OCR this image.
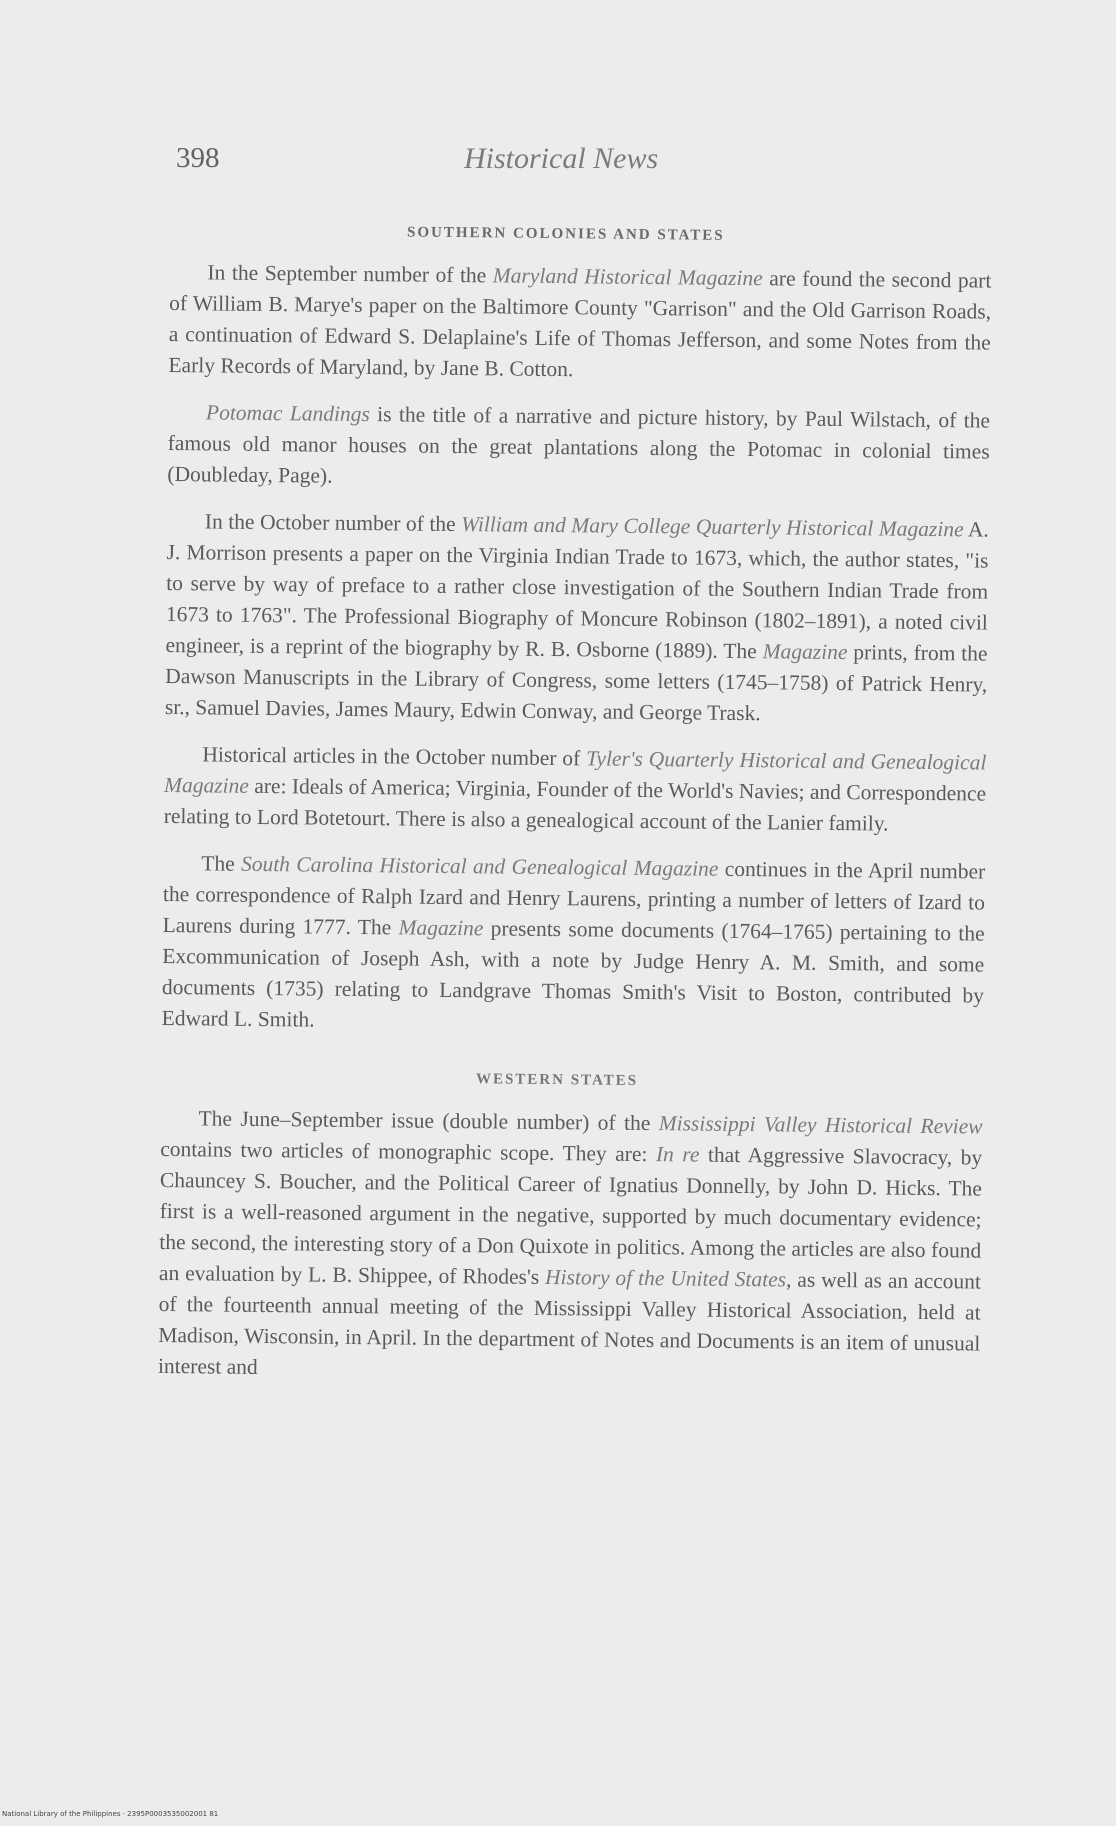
398	Historical News
SOUTHERN COLONIES AND STATES

In the September number of the Maryland Historical Magazine are found the second part of William B. Marye's paper on the Baltimore County "Garrison" and the Old Garrison Roads, a continuation of Edward S. Delaplaine's Life of Thomas Jefferson, and some Notes from the Early Records of Maryland, by Jane B. Cotton.

Potomac Landings is the title of a narrative and picture history, by Paul Wilstach, of the famous old manor houses on the great plantations along the Potomac in colonial times (Doubleday, Page).

In the October number of the William and Mary College Quarterly Historical Magazine A. J. Morrison presents a paper on the Virginia Indian Trade to 1673, which, the author states, "is to serve by way of preface to a rather close investigation of the Southern Indian Trade from 1673 to 1763". The Professional Biography of Moncure Robinson (1802–1891), a noted civil engineer, is a reprint of the biography by R. B. Osborne (1889). The Magazine prints, from the Dawson Manuscripts in the Library of Congress, some letters (1745–1758) of Patrick Henry, sr., Samuel Davies, James Maury, Edwin Conway, and George Trask.

Historical articles in the October number of Tyler's Quarterly Historical and Genealogical Magazine are: Ideals of America; Virginia, Founder of the World's Navies; and Correspondence relating to Lord Botetourt. There is also a genealogical account of the Lanier family.

The South Carolina Historical and Genealogical Magazine continues in the April number the correspondence of Ralph Izard and Henry Laurens, printing a number of letters of Izard to Laurens during 1777. The Magazine presents some documents (1764–1765) pertaining to the Excommunication of Joseph Ash, with a note by Judge Henry A. M. Smith, and some documents (1735) relating to Landgrave Thomas Smith's Visit to Boston, contributed by Edward L. Smith.

WESTERN STATES

The June–September issue (double number) of the Mississippi Valley Historical Review contains two articles of monographic scope. They are: In re that Aggressive Slavocracy, by Chauncey S. Boucher, and the Political Career of Ignatius Donnelly, by John D. Hicks. The first is a well-reasoned argument in the negative, supported by much documentary evidence; the second, the interesting story of a Don Quixote in politics. Among the articles are also found an evaluation by L. B. Shippee, of Rhodes's History of the United States, as well as an account of the fourteenth annual meeting of the Mississippi Valley Historical Association, held at Madison, Wisconsin, in April. In the department of Notes and Documents is an item of unusual interest and

National Library of the Philippines · 2395P0003535002001 81
